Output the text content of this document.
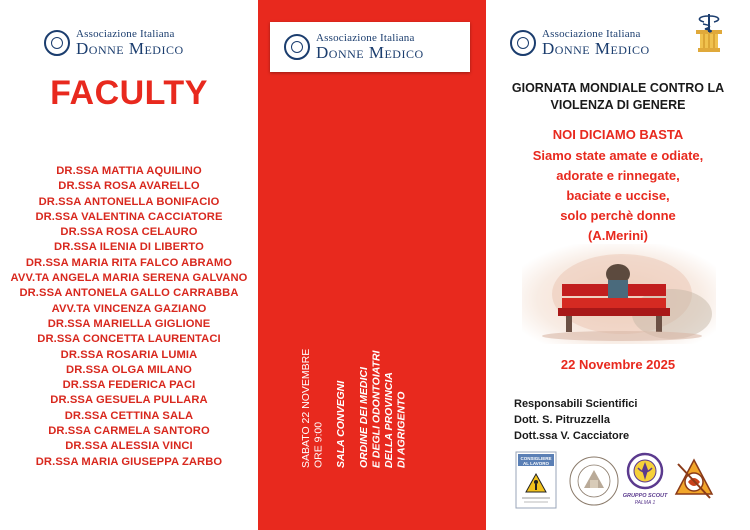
Associazione Italiana
Donne Medico
FACULTY
DR.SSA MATTIA AQUILINO
DR.SSA ROSA AVARELLO
DR.SSA ANTONELLA BONIFACIO
DR.SSA VALENTINA CACCIATORE
DR.SSA ROSA CELAURO
DR.SSA ILENIA DI LIBERTO
DR.SSA MARIA RITA FALCO ABRAMO
AVV.TA ANGELA MARIA SERENA GALVANO
DR.SSA ANTONELA GALLO CARRABBA
AVV.TA VINCENZA GAZIANO
DR.SSA MARIELLA GIGLIONE
DR.SSA CONCETTA LAURENTACI
DR.SSA ROSARIA LUMIA
DR.SSA OLGA MILANO
DR.SSA FEDERICA PACI
DR.SSA GESUELA PULLARA
DR.SSA CETTINA SALA
DR.SSA CARMELA SANTORO
DR.SSA ALESSIA VINCI
DR.SSA MARIA GIUSEPPA ZARBO
Associazione Italiana
Donne Medico
SABATO 22 NOVEMBRE ORE 9:00 SALA CONVEGNI ORDINE DEI MEDICI E DEGLI ODONTOIATRI DELLA PROVINCIA DI AGRIGENTO
Associazione Italiana
Donne Medico
GIORNATA MONDIALE CONTRO LA
VIOLENZA DI GENERE
NOI DICIAMO BASTA
Siamo state amate e odiate,
adorate e rinnegate,
baciate e uccise,
solo perchè donne
(A.Merini)
22 Novembre 2025
Responsabili Scientifici
Dott. S. Pitruzzella
Dott.ssa V. Cacciatore
CONSIGLIERE
AL LAVORO
GRUPPO SCOUT
PALMA 1
